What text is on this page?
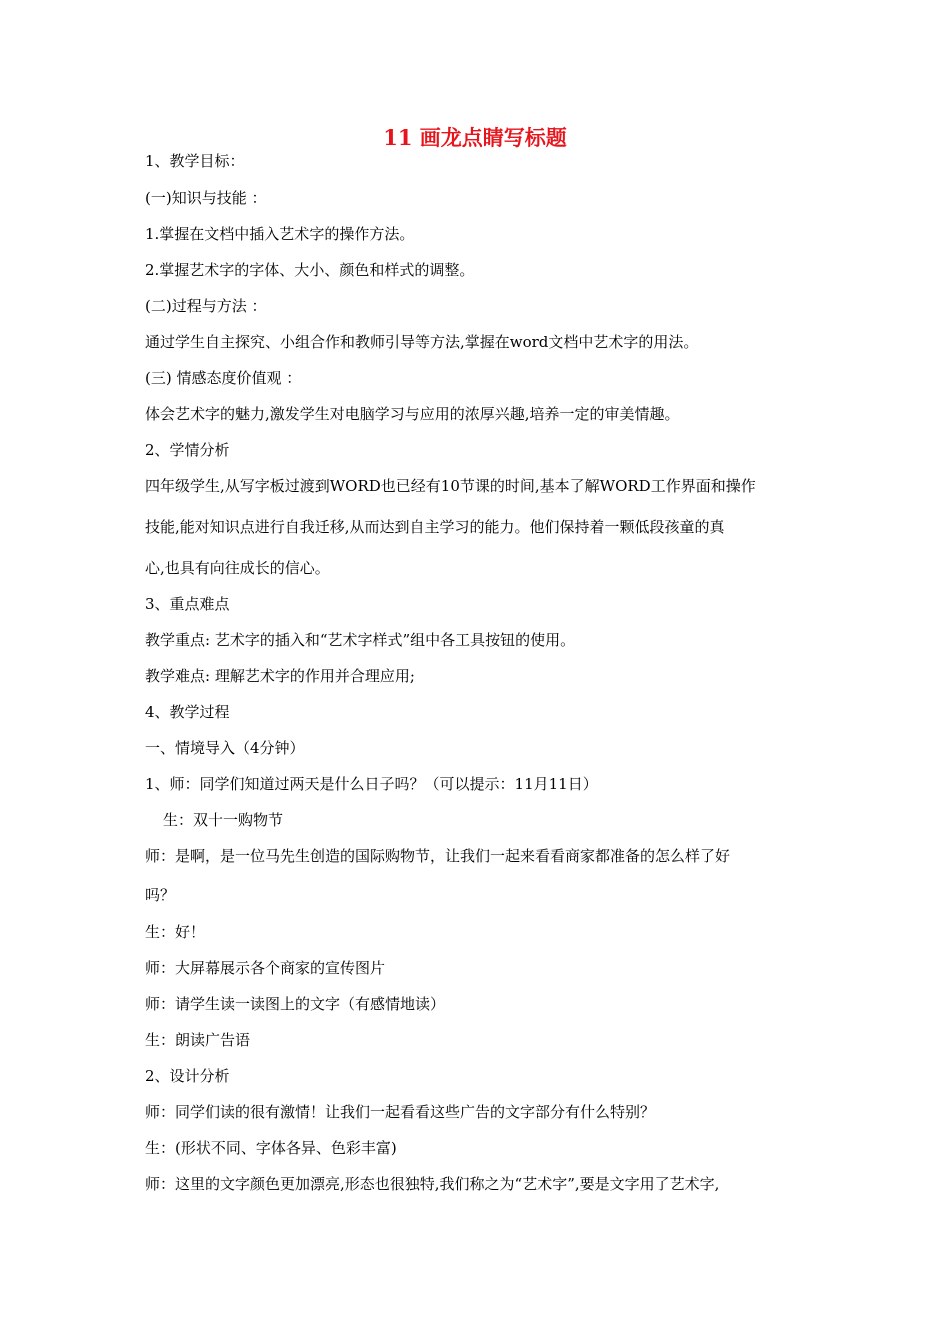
11 画龙点睛写标题
1、教学目标：
(一)知识与技能 ：
1.掌握在文档中插入艺术字的操作方法。
2.掌握艺术字的字体、大小、颜色和样式的调整。
(二)过程与方法 ：
通过学生自主探究、小组合作和教师引导等方法,掌握在word文档中艺术字的用法。
(三) 情感态度价值观 ：
体会艺术字的魅力,激发学生对电脑学习与应用的浓厚兴趣,培养一定的审美情趣。
2、学情分析
四年级学生,从写字板过渡到WORD也已经有10节课的时间,基本了解WORD工作界面和操作
技能,能对知识点进行自我迁移,从而达到自主学习的能力。他们保持着一颗低段孩童的真
心,也具有向往成长的信心。
3、重点难点
教学重点: 艺术字的插入和“艺术字样式”组中各工具按钮的使用。
教学难点: 理解艺术字的作用并合理应用;
4、教学过程
一、情境导入（4分钟）
1、师：同学们知道过两天是什么日子吗？（可以提示：11月11日）
生：双十一购物节
师：是啊，是一位马先生创造的国际购物节，让我们一起来看看商家都准备的怎么样了好
吗？
生：好！
师：大屏幕展示各个商家的宣传图片
师：请学生读一读图上的文字（有感情地读）
生：朗读广告语
2、设计分析
师：同学们读的很有激情！让我们一起看看这些广告的文字部分有什么特别？
生：(形状不同、字体各异、色彩丰富)
师：这里的文字颜色更加漂亮,形态也很独特,我们称之为“艺术字”,要是文字用了艺术字,
